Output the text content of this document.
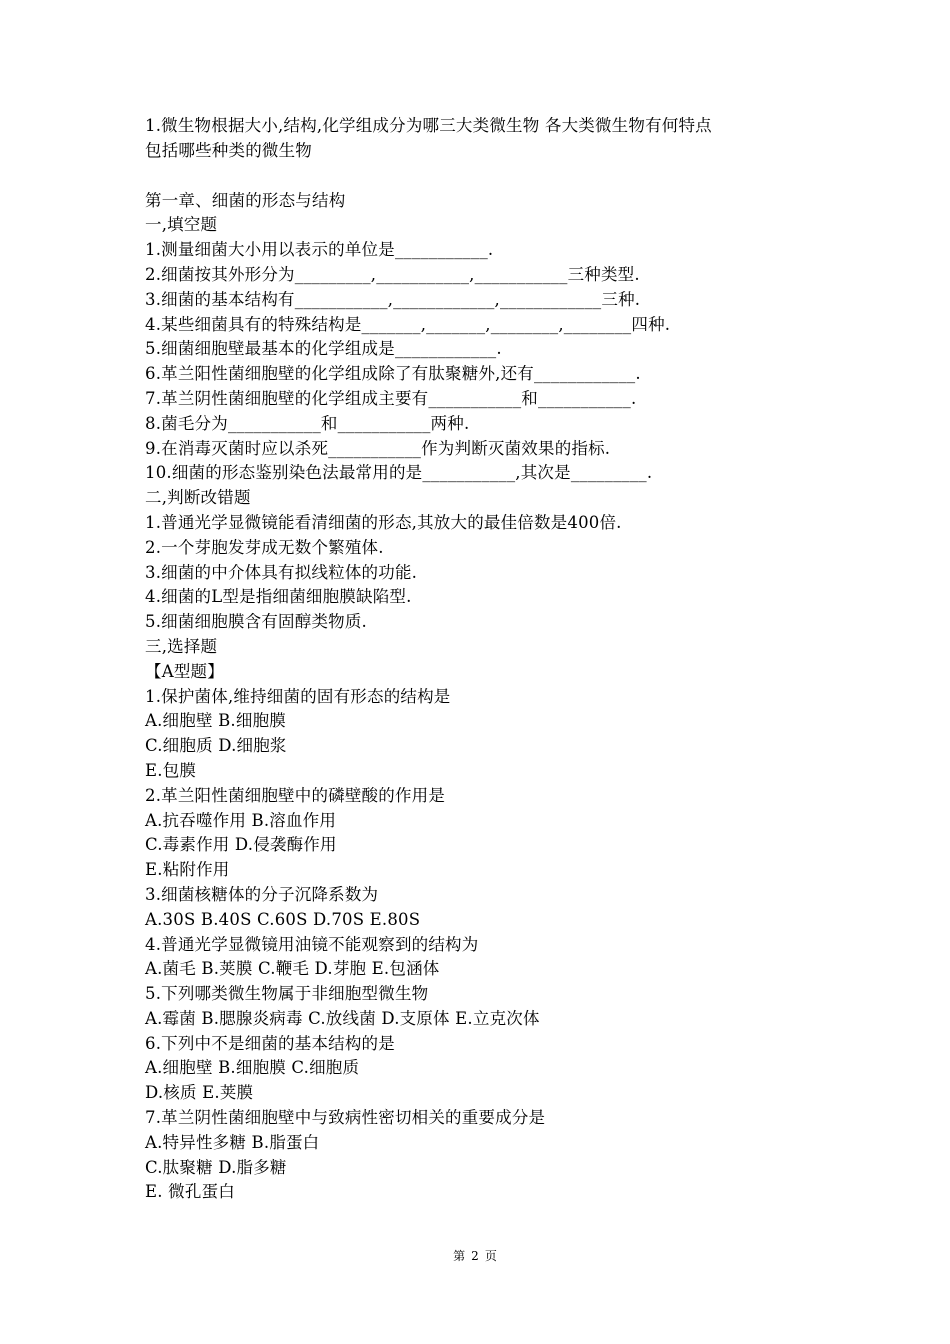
1.微生物根据大小,结构,化学组成分为哪三大类微生物 各大类微生物有何特点

包括哪些种类的微生物

第一章、细菌的形态与结构

一,填空题

1.测量细菌大小用以表示的单位是___________.

2.细菌按其外形分为_________,___________,___________三种类型.

3.细菌的基本结构有___________,____________,____________三种.

4.某些细菌具有的特殊结构是_______,_______,________,________四种.

5.细菌细胞壁最基本的化学组成是____________.

6.革兰阳性菌细胞壁的化学组成除了有肽聚糖外,还有____________.

7.革兰阴性菌细胞壁的化学组成主要有___________和___________.

8.菌毛分为___________和___________两种.

9.在消毒灭菌时应以杀死___________作为判断灭菌效果的指标.

10.细菌的形态鉴别染色法最常用的是___________,其次是_________.

二,判断改错题

1.普通光学显微镜能看清细菌的形态,其放大的最佳倍数是400倍.

2.一个芽胞发芽成无数个繁殖体.

3.细菌的中介体具有拟线粒体的功能.

4.细菌的L型是指细菌细胞膜缺陷型.

5.细菌细胞膜含有固醇类物质.

三,选择题

【A型题】

1.保护菌体,维持细菌的固有形态的结构是

A.细胞壁 B.细胞膜

C.细胞质 D.细胞浆

E.包膜

2.革兰阳性菌细胞壁中的磷壁酸的作用是

A.抗吞噬作用 B.溶血作用

C.毒素作用 D.侵袭酶作用

E.粘附作用

3.细菌核糖体的分子沉降系数为

A.30S B.40S C.60S D.70S E.80S

4.普通光学显微镜用油镜不能观察到的结构为

A.菌毛 B.荚膜 C.鞭毛 D.芽胞 E.包涵体

5.下列哪类微生物属于非细胞型微生物

A.霉菌 B.腮腺炎病毒 C.放线菌 D.支原体 E.立克次体

6.下列中不是细菌的基本结构的是

A.细胞壁 B.细胞膜 C.细胞质

D.核质 E.荚膜

7.革兰阴性菌细胞壁中与致病性密切相关的重要成分是

A.特异性多糖 B.脂蛋白

C.肽聚糖 D.脂多糖

E. 微孔蛋白

第 2 页
